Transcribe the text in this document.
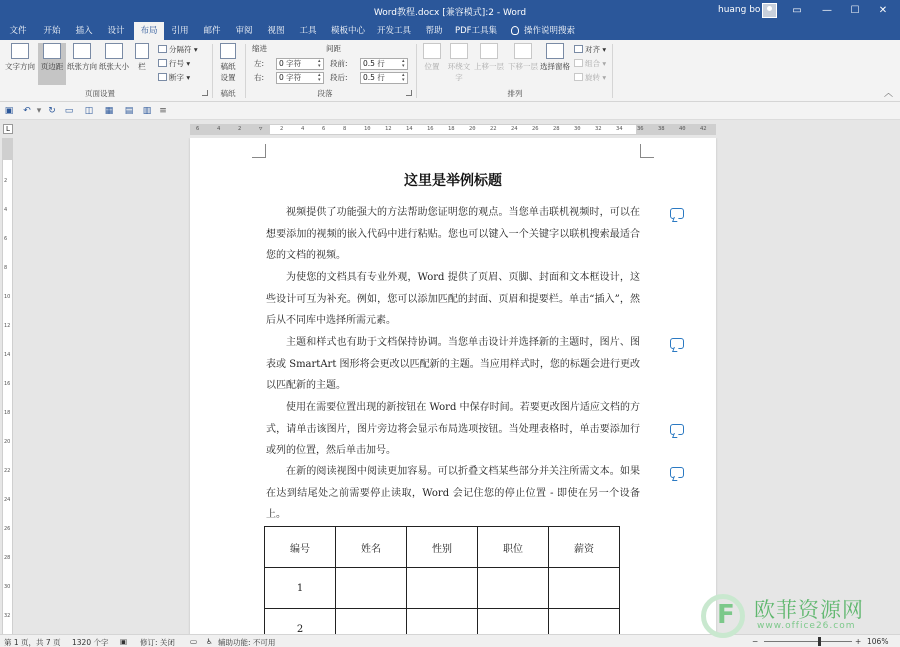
Word教程.docx [兼容模式]:2 - Word	huang bo	▭	—	☐	✕
文件	开始	插入	设计	布局	引用	邮件	审阅	视图	工具	模板中心	开发工具	帮助	PDF工具集	操作说明搜索
文字方向 页边距 纸张方向 纸张大小	栏
分隔符 ▾
行号 ▾
断字 ▾
页面设置
稿纸
设置
稿纸
缩进	间距
左:	0 字符 ▴▾
右:	0 字符 ▴▾
段前:	0.5 行 ▴▾
段后:	0.5 行 ▴▾
段落
位置	环绕文
字
上移一层 下移一层 选择窗格
对齐 ▾
组合 ▾
旋转 ▾
排列	︿
▣ ↶ ▾ ↻ ▭ ◫ ▦ ▤ ▥ ≡
L	6	4	2	▽	2	4	6	8	10	12	14	16	18	20	22	24	26	28	30	32	34	36	38	40	42
2
4
6
8
10
12
14
16
18
20
22
24
26
28
30
32
这里是举例标题
视频提供了功能强大的方法帮助您证明您的观点。当您单击联机视频时，可以在想要添加的视频的嵌入代码中进行粘贴。您也可以键入一个关键字以联机搜索最适合您的文档的视频。
为使您的文档具有专业外观，Word 提供了页眉、页脚、封面和文本框设计，这些设计可互为补充。例如，您可以添加匹配的封面、页眉和提要栏。单击“插入”，然后从不同库中选择所需元素。
主题和样式也有助于文档保持协调。当您单击设计并选择新的主题时，图片、图表或 SmartArt 图形将会更改以匹配新的主题。当应用样式时，您的标题会进行更改以匹配新的主题。
使用在需要位置出现的新按钮在 Word 中保存时间。若要更改图片适应文档的方式，请单击该图片，图片旁边将会显示布局选项按钮。当处理表格时，单击要添加行或列的位置，然后单击加号。
在新的阅读视图中阅读更加容易。可以折叠文档某些部分并关注所需文本。如果在达到结尾处之前需要停止读取，Word 会记住您的停止位置 - 即使在另一个设备上。
编号	姓名	性别	职位	薪资
1				
2				
第 1 页，共 7 页 1320 个字 ▣ 修订: 关闭 ▭ ♿ 辅助功能: 不可用	−	+ 106%
F 欧菲资源网
www.office26.com
